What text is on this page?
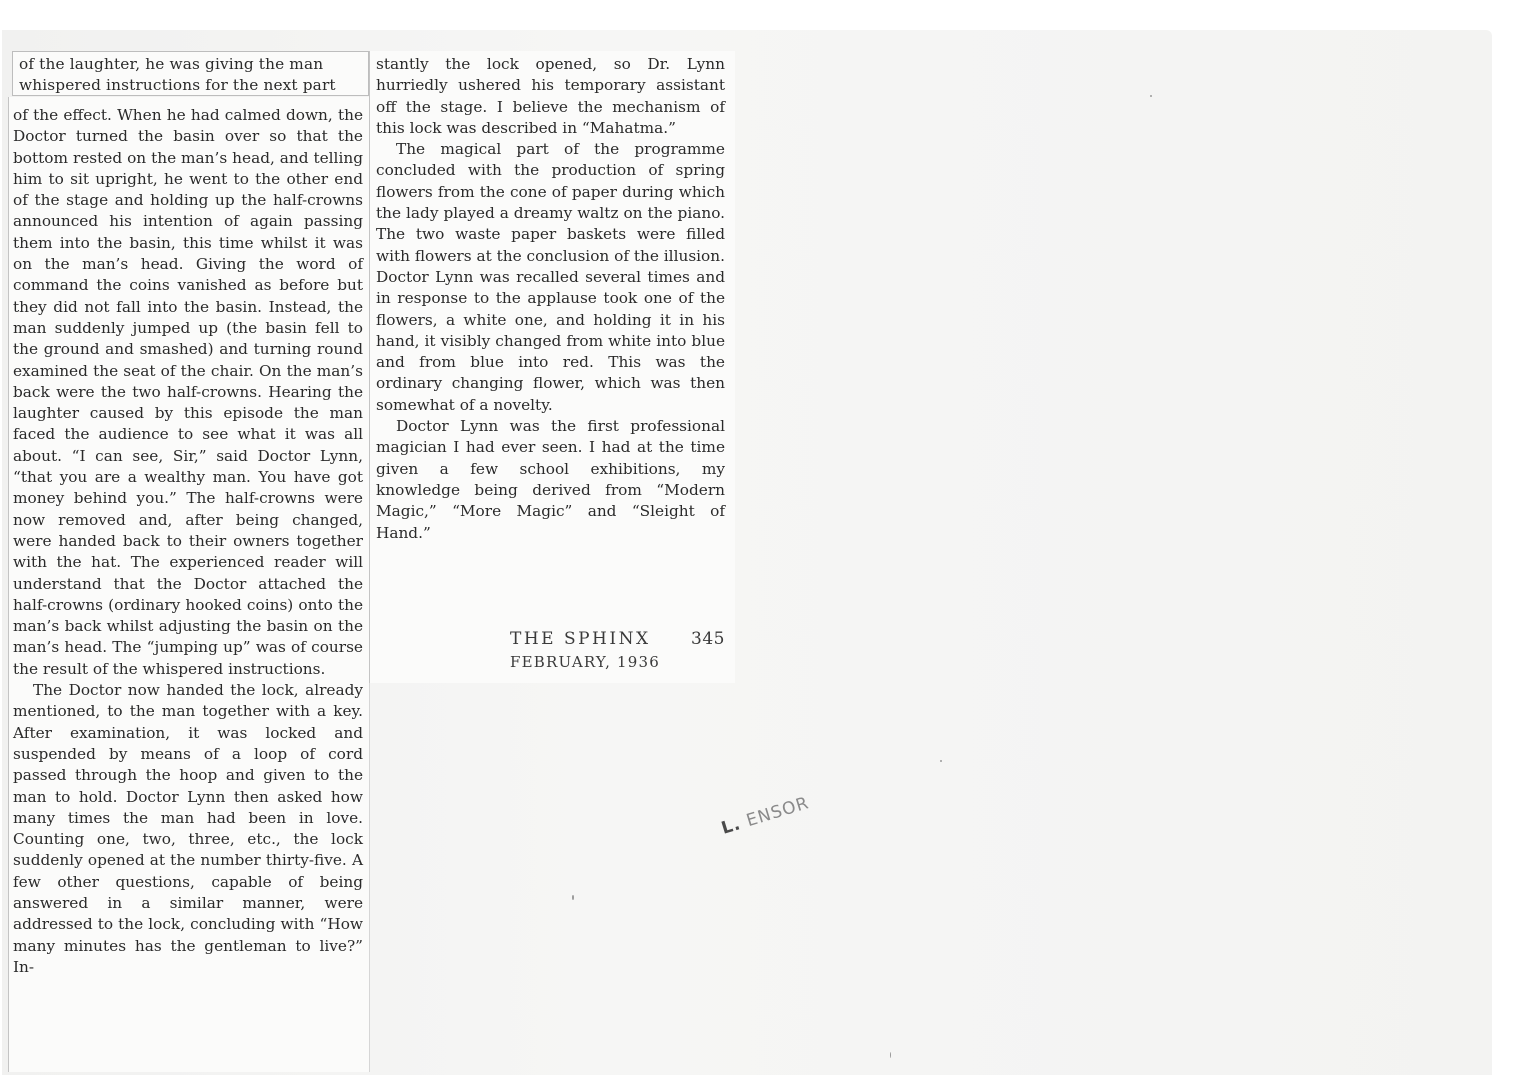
of the laughter, he was giving the man
whispered instructions for the next part

of the effect. When he had calmed down, the Doctor turned the basin over so that the bottom rested on the man’s head, and telling him to sit upright, he went to the other end of the stage and holding up the half-crowns announced his intention of again passing them into the basin, this time whilst it was on the man’s head. Giving the word of command the coins vanished as before but they did not fall into the basin. Instead, the man suddenly jumped up (the basin fell to the ground and smashed) and turning round examined the seat of the chair. On the man’s back were the two half-crowns. Hearing the laughter caused by this episode the man faced the audience to see what it was all about. “I can see, Sir,” said Doctor Lynn, “that you are a wealthy man. You have got money behind you.” The half-crowns were now removed and, after being changed, were handed back to their owners together with the hat. The experienced reader will understand that the Doctor attached the half-crowns (ordinary hooked coins) onto the man’s back whilst adjusting the basin on the man’s head. The “jumping up” was of course the result of the whispered instructions.

The Doctor now handed the lock, already mentioned, to the man together with a key. After examination, it was locked and suspended by means of a loop of cord passed through the hoop and given to the man to hold. Doctor Lynn then asked how many times the man had been in love. Counting one, two, three, etc., the lock suddenly opened at the number thirty-five. A few other questions, capable of being answered in a similar manner, were addressed to the lock, concluding with “How many minutes has the gentleman to live?” In-

stantly the lock opened, so Dr. Lynn hurriedly ushered his temporary assistant off the stage. I believe the mechanism of this lock was described in “Mahatma.”

The magical part of the programme concluded with the production of spring flowers from the cone of paper during which the lady played a dreamy waltz on the piano. The two waste paper baskets were filled with flowers at the conclusion of the illusion. Doctor Lynn was recalled several times and in response to the applause took one of the flowers, a white one, and holding it in his hand, it visibly changed from white into blue and from blue into red. This was the ordinary changing flower, which was then somewhat of a novelty.

Doctor Lynn was the first professional magician I had ever seen. I had at the time given a few school exhibitions, my knowledge being derived from “Modern Magic,” “More Magic” and “Sleight of Hand.”

THE SPHINX 345
FEBRUARY, 1936
L. ENSOR
